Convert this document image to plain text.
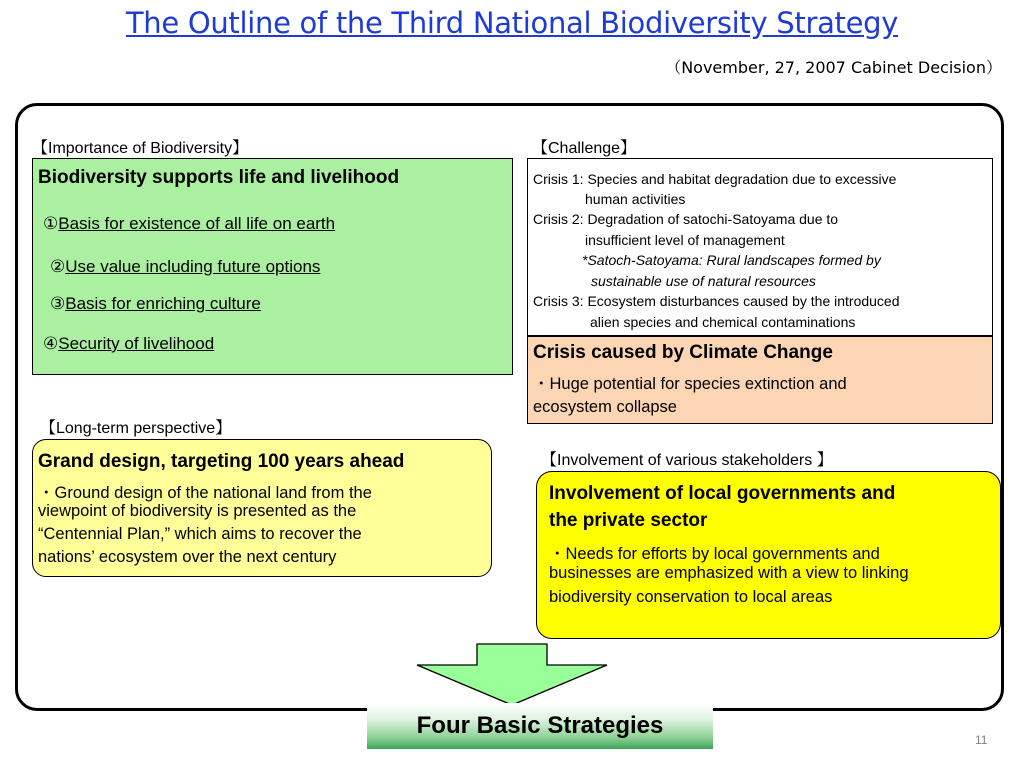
The Outline of the Third National Biodiversity Strategy
（November, 27, 2007 Cabinet Decision）
【Importance of Biodiversity】
Biodiversity supports life and livelihood
①Basis for existence of all life on earth
②Use value including future options
③Basis for enriching culture
④Security of livelihood
【Challenge】
Crisis 1: Species and habitat degradation due to excessive
human activities
Crisis 2: Degradation of satochi-Satoyama due to
insufficient level of management
*Satoch-Satoyama: Rural landscapes formed by
sustainable use of natural resources
Crisis 3: Ecosystem disturbances caused by the introduced
alien species and chemical contaminations
Crisis caused by Climate Change
・Huge potential for species extinction and
ecosystem collapse
【Long-term perspective】
Grand design, targeting 100 years ahead
・Ground design of the national land from the
viewpoint of biodiversity is presented as the
“Centennial Plan,” which aims to recover the
nations’ ecosystem over the next century
【Involvement of various stakeholders 】
Involvement of local governments and
the private sector
・Needs for efforts by local governments and
businesses are emphasized with a view to linking
biodiversity conservation to local areas
Four Basic Strategies
11
